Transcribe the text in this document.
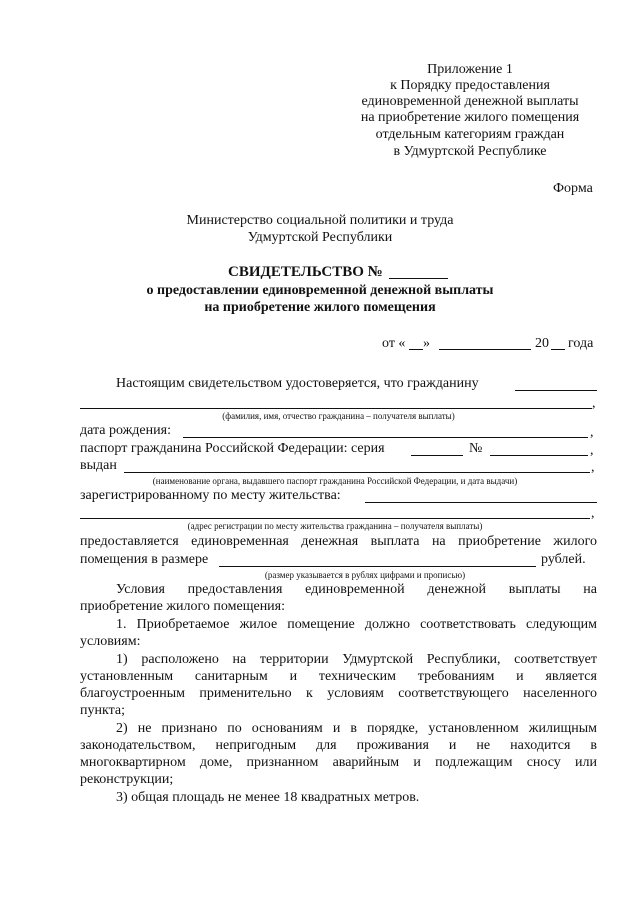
Приложение 1
к Порядку предоставления
единовременной денежной выплаты
на приобретение жилого помещения
отдельным категориям граждан
в Удмуртской Республике
Форма
Министерство социальной политики и труда
Удмуртской Республики
СВИДЕТЕЛЬСТВО №
о предоставлении единовременной денежной выплаты
на приобретение жилого помещения
от « »	20 года
Настоящим свидетельством удостоверяется, что гражданину
,
(фамилия, имя, отчество гражданина – получателя выплаты)
дата рождения:	,
паспорт гражданина Российской Федерации: серия	№	,
выдан	,
(наименование органа, выдавшего паспорт гражданина Российской Федерации, и дата выдачи)
зарегистрированному по месту жительства:
,
(адрес регистрации по месту жительства гражданина – получателя выплаты)
предоставляется единовременная денежная выплата на приобретение жилого
помещения в размере	рублей.
(размер указывается в рублях цифрами и прописью)
Условия предоставления единовременной денежной выплаты на
приобретение жилого помещения:
1. Приобретаемое жилое помещение должно соответствовать следующим
условиям:
1) расположено на территории Удмуртской Республики, соответствует
установленным санитарным и техническим требованиям и является
благоустроенным применительно к условиям соответствующего населенного
пункта;
2) не признано по основаниям и в порядке, установленном жилищным
законодательством, непригодным для проживания и не находится в
многоквартирном доме, признанном аварийным и подлежащим сносу или
реконструкции;
3) общая площадь не менее 18 квадратных метров.
